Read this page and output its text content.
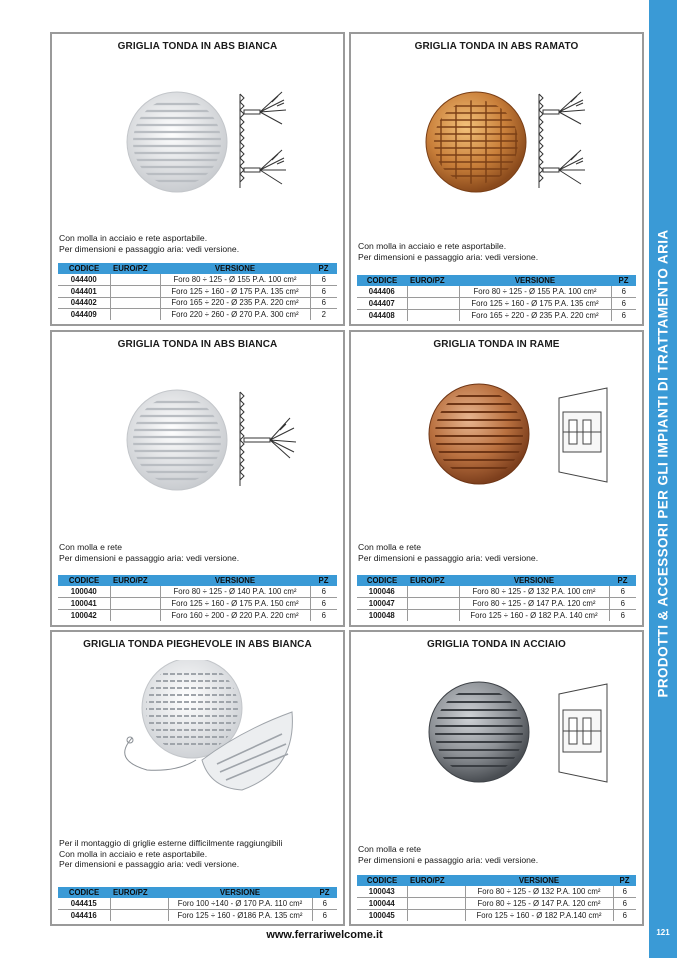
PRODOTTI & ACCESSORI PER GLI IMPIANTI DI TRATTAMENTO ARIA
121
GRIGLIA TONDA IN ABS BIANCA
Con molla in acciaio e rete asportabile.
Per dimensioni e passaggio aria: vedi versione.
CODICE	EURO/PZ	VERSIONE	PZ
044400		Foro 80 ÷ 125 - Ø 155 P.A. 100 cm²	6
044401		Foro 125 ÷ 160 - Ø 175 P.A. 135 cm²	6
044402		Foro 165 ÷ 220 - Ø 235 P.A. 220 cm²	6
044409		Foro 220 ÷ 260 - Ø 270 P.A. 300 cm²	2
GRIGLIA TONDA IN ABS RAMATO
Con molla in acciaio e rete asportabile.
Per dimensioni e passaggio aria: vedi versione.
CODICE	EURO/PZ	VERSIONE	PZ
044406		Foro 80 ÷ 125 - Ø 155 P.A. 100 cm²	6
044407		Foro 125 ÷ 160 - Ø 175 P.A. 135 cm²	6
044408		Foro 165 ÷ 220 - Ø 235 P.A. 220 cm²	6
GRIGLIA TONDA IN ABS BIANCA
Con molla e rete
Per dimensioni e passaggio aria: vedi versione.
CODICE	EURO/PZ	VERSIONE	PZ
100040		Foro 80 ÷ 125 - Ø 140 P.A. 100 cm²	6
100041		Foro 125 ÷ 160 - Ø 175 P.A. 150 cm²	6
100042		Foro 160 ÷ 200 - Ø 220 P.A. 220 cm²	6
GRIGLIA TONDA IN RAME
Con molla e rete
Per dimensioni e passaggio aria: vedi versione.
CODICE	EURO/PZ	VERSIONE	PZ
100046		Foro 80 ÷ 125 - Ø 132 P.A. 100 cm²	6
100047		Foro 80 ÷ 125 - Ø 147 P.A. 120 cm²	6
100048		Foro 125 ÷ 160 - Ø 182 P.A. 140 cm²	6
GRIGLIA TONDA PIEGHEVOLE IN ABS BIANCA
Per il montaggio di griglie esterne difficilmente raggiungibili
Con molla in acciaio e rete asportabile.
Per dimensioni e passaggio aria: vedi versione.
CODICE	EURO/PZ	VERSIONE	PZ
044415		Foro 100 ÷140 - Ø 170 P.A. 110 cm²	6
044416		Foro 125 ÷ 160 - Ø186 P.A. 135 cm²	6
GRIGLIA TONDA IN ACCIAIO
Con molla e rete
Per dimensioni e passaggio aria: vedi versione.
CODICE	EURO/PZ	VERSIONE	PZ
100043		Foro 80 ÷ 125 - Ø 132 P.A. 100 cm²	6
100044		Foro 80 ÷ 125 - Ø 147 P.A. 120 cm²	6
100045		Foro 125 ÷ 160 - Ø 182 P.A.140 cm²	6
www.ferrariwelcome.it
